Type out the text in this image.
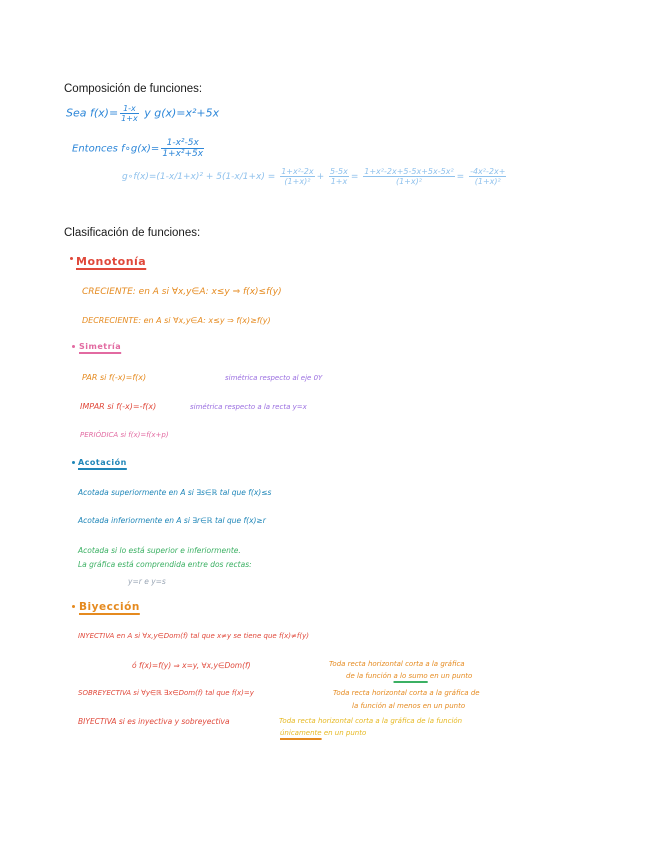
Composición de funciones:
Sea $f(x)= \frac{1-x}{1+x}$ y g(x)=x²+5x
Entonces f∘g(x)= $\frac{\text{1-x²-5x}}{\text{1+x²+5x}}$
g∘f(x)=(1-x/1+x)² + $5(1-x/1+x) = \frac{\text{1+x²-2x}}{\text{(1+x)²}} + \frac{5-5x}{1+x} = \frac{\text{1+x²-2x+5-5x+5x-5x²}}{\text{(1+x)²}} = \frac{\text{-4x²-2x+}}{\text{(1+x)²}}$
Clasificación de funciones:
Monotonía
CRECIENTE: en A si ∀x,y∈A: x≤y ⇒ f(x)≤f(y)
DECRECIENTE: en A si ∀x,y∈A: x≤y ⇒ f(x)≥f(y)
Simetría
PAR si f(-x)=f(x)	simétrica respecto al eje 0Y
IMPAR si f(-x)=-f(x)	simétrica respecto a la recta y=x
PERIÓDICA si f(x)=f(x+p)
Acotación
Acotada superiormente en A si ∃s∈ℝ tal que f(x)≤s
Acotada inferiormente en A si ∃r∈ℝ tal que f(x)≥r
Acotada si lo está superior e inferiormente.
La gráfica está comprendida entre dos rectas:
y=r e y=s
Biyección
INYECTIVA en A si ∀x,y∈Dom(f) tal que x≠y se tiene que f(x)≠f(y)
ó f(x)=f(y) ⇒ x=y, ∀x,y∈Dom(f)	Toda recta horizontal corta a la gráfica
de la función a lo sumo en un punto
SOBREYECTIVA si ∀y∈ℝ ∃x∈Dom(f) tal que f(x)=y	Toda recta horizontal corta a la gráfica de
la función al menos en un punto
BIYECTIVA si es inyectiva y sobreyectiva	Toda recta horizontal corta a la gráfica de la función
únicamente en un punto
